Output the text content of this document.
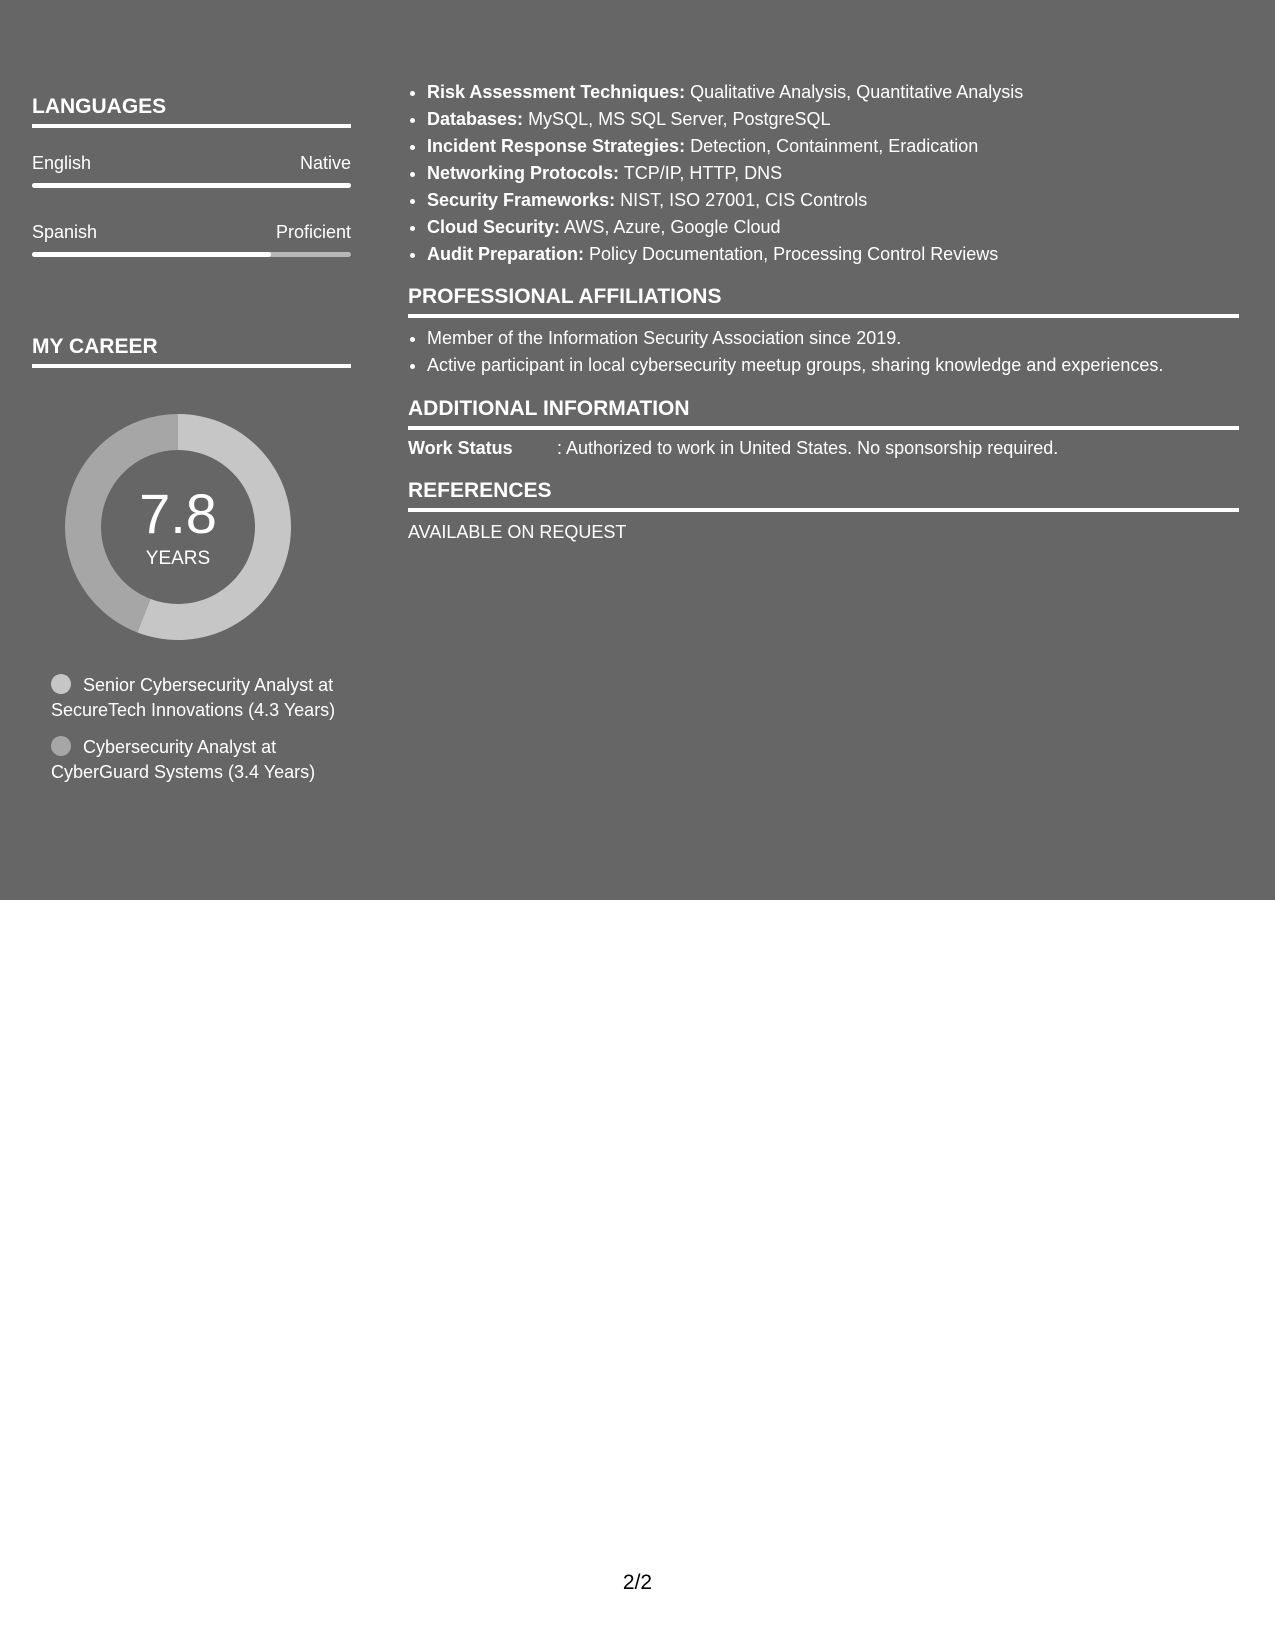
LANGUAGES
English	Native
Spanish	Proficient
MY CAREER
7.8
YEARS
Senior Cybersecurity Analyst at SecureTech Innovations (4.3 Years)
Cybersecurity Analyst at CyberGuard Systems (3.4 Years)
• Risk Assessment Techniques: Qualitative Analysis, Quantitative Analysis
• Databases: MySQL, MS SQL Server, PostgreSQL
• Incident Response Strategies: Detection, Containment, Eradication
• Networking Protocols: TCP/IP, HTTP, DNS
• Security Frameworks: NIST, ISO 27001, CIS Controls
• Cloud Security: AWS, Azure, Google Cloud
• Audit Preparation: Policy Documentation, Processing Control Reviews
PROFESSIONAL AFFILIATIONS
• Member of the Information Security Association since 2019.
• Active participant in local cybersecurity meetup groups, sharing knowledge and experiences.
ADDITIONAL INFORMATION
Work Status : Authorized to work in United States. No sponsorship required.
REFERENCES
AVAILABLE ON REQUEST
2/2
